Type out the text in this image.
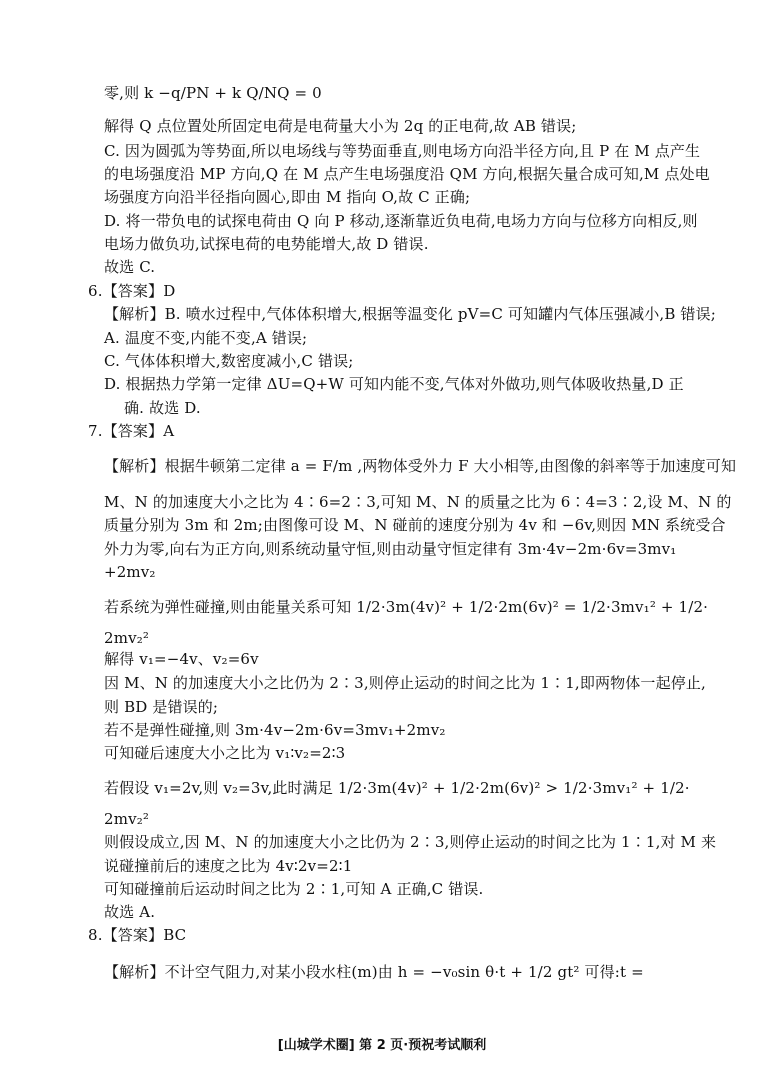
零,则 k −q/PN + k Q/NQ = 0
解得 Q 点位置处所固定电荷是电荷量大小为 2q 的正电荷,故 AB 错误;
C. 因为圆弧为等势面,所以电场线与等势面垂直,则电场方向沿半径方向,且 P 在 M 点产生
的电场强度沿 MP 方向,Q 在 M 点产生电场强度沿 QM 方向,根据矢量合成可知,M 点处电
场强度方向沿半径指向圆心,即由 M 指向 O,故 C 正确;
D. 将一带负电的试探电荷由 Q 向 P 移动,逐渐靠近负电荷,电场力方向与位移方向相反,则
电场力做负功,试探电荷的电势能增大,故 D 错误.
故选 C.
6.【答案】D
【解析】B. 喷水过程中,气体体积增大,根据等温变化 pV=C 可知罐内气体压强减小,B 错误;
A. 温度不变,内能不变,A 错误;
C. 气体体积增大,数密度减小,C 错误;
D. 根据热力学第一定律 ΔU=Q+W 可知内能不变,气体对外做功,则气体吸收热量,D 正
确. 故选 D.
7.【答案】A
【解析】根据牛顿第二定律 a = F/m ,两物体受外力 F 大小相等,由图像的斜率等于加速度可知
M、N 的加速度大小之比为 4∶6=2∶3,可知 M、N 的质量之比为 6∶4=3∶2,设 M、N 的
质量分别为 3m 和 2m;由图像可设 M、N 碰前的速度分别为 4v 和 −6v,则因 MN 系统受合
外力为零,向右为正方向,则系统动量守恒,则由动量守恒定律有 3m·4v−2m·6v=3mv₁
+2mv₂
若系统为弹性碰撞,则由能量关系可知 1/2·3m(4v)² + 1/2·2m(6v)² = 1/2·3mv₁² + 1/2·
2mv₂²
解得 v₁=−4v、v₂=6v
因 M、N 的加速度大小之比仍为 2∶3,则停止运动的时间之比为 1∶1,即两物体一起停止,
则 BD 是错误的;
若不是弹性碰撞,则 3m·4v−2m·6v=3mv₁+2mv₂
可知碰后速度大小之比为 v₁∶v₂=2∶3
若假设 v₁=2v,则 v₂=3v,此时满足 1/2·3m(4v)² + 1/2·2m(6v)² > 1/2·3mv₁² + 1/2·
2mv₂²
则假设成立,因 M、N 的加速度大小之比仍为 2∶3,则停止运动的时间之比为 1∶1,对 M 来
说碰撞前后的速度之比为 4v∶2v=2∶1
可知碰撞前后运动时间之比为 2∶1,可知 A 正确,C 错误.
故选 A.
8.【答案】BC
【解析】不计空气阻力,对某小段水柱(m)由 h = −v₀sin θ·t + 1/2 gt² 可得:t =
[山城学术圈] 第 2 页·预祝考试顺利
